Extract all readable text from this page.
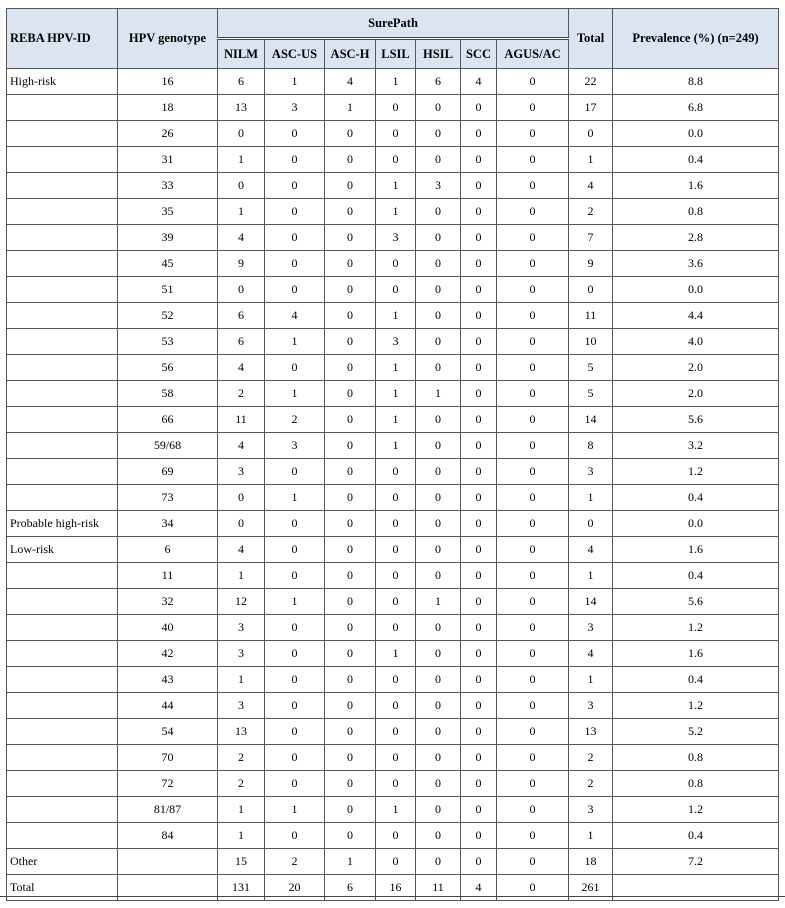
REBA HPV-ID	HPV genotype	SurePath							Total	Prevalence (%) (n=249)
		NILM	ASC-US	ASC-H	LSIL	HSIL	SCC	AGUS/AC		
High-risk	16	6	1	4	1	6	4	0	22	8.8
	18	13	3	1	0	0	0	0	17	6.8
	26	0	0	0	0	0	0	0	0	0.0
	31	1	0	0	0	0	0	0	1	0.4
	33	0	0	0	1	3	0	0	4	1.6
	35	1	0	0	1	0	0	0	2	0.8
	39	4	0	0	3	0	0	0	7	2.8
	45	9	0	0	0	0	0	0	9	3.6
	51	0	0	0	0	0	0	0	0	0.0
	52	6	4	0	1	0	0	0	11	4.4
	53	6	1	0	3	0	0	0	10	4.0
	56	4	0	0	1	0	0	0	5	2.0
	58	2	1	0	1	1	0	0	5	2.0
	66	11	2	0	1	0	0	0	14	5.6
	59/68	4	3	0	1	0	0	0	8	3.2
	69	3	0	0	0	0	0	0	3	1.2
	73	0	1	0	0	0	0	0	1	0.4
Probable high-risk	34	0	0	0	0	0	0	0	0	0.0
Low-risk	6	4	0	0	0	0	0	0	4	1.6
	11	1	0	0	0	0	0	0	1	0.4
	32	12	1	0	0	1	0	0	14	5.6
	40	3	0	0	0	0	0	0	3	1.2
	42	3	0	0	1	0	0	0	4	1.6
	43	1	0	0	0	0	0	0	1	0.4
	44	3	0	0	0	0	0	0	3	1.2
	54	13	0	0	0	0	0	0	13	5.2
	70	2	0	0	0	0	0	0	2	0.8
	72	2	0	0	0	0	0	0	2	0.8
	81/87	1	1	0	1	0	0	0	3	1.2
	84	1	0	0	0	0	0	0	1	0.4
Other		15	2	1	0	0	0	0	18	7.2
Total		131	20	6	16	11	4	0	261	
